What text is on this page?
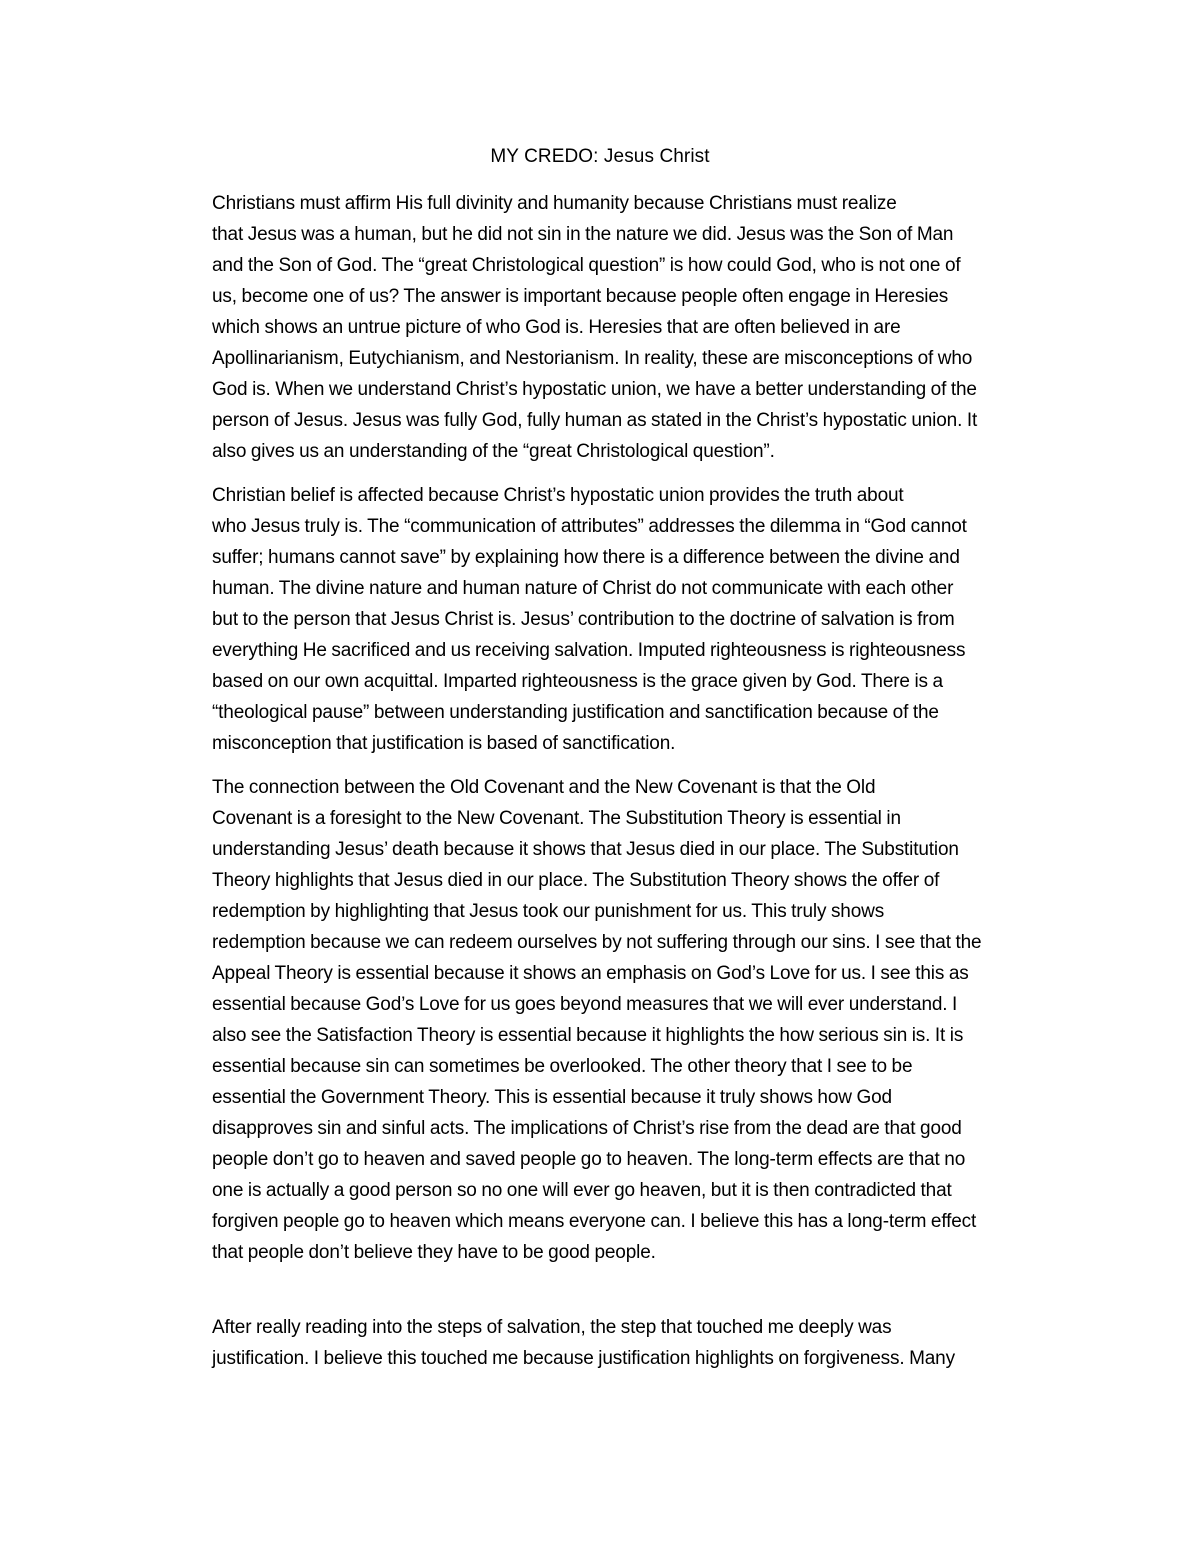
MY CREDO: Jesus Christ

Christians must affirm His full divinity and humanity because Christians must realize
that Jesus was a human, but he did not sin in the nature we did. Jesus was the Son of Man
and the Son of God. The “great Christological question” is how could God, who is not one of
us, become one of us? The answer is important because people often engage in Heresies
which shows an untrue picture of who God is. Heresies that are often believed in are
Apollinarianism, Eutychianism, and Nestorianism. In reality, these are misconceptions of who
God is. When we understand Christ’s hypostatic union, we have a better understanding of the
person of Jesus. Jesus was fully God, fully human as stated in the Christ’s hypostatic union. It
also gives us an understanding of the “great Christological question”.

Christian belief is affected because Christ’s hypostatic union provides the truth about
who Jesus truly is. The “communication of attributes” addresses the dilemma in “God cannot
suffer; humans cannot save” by explaining how there is a difference between the divine and
human. The divine nature and human nature of Christ do not communicate with each other
but to the person that Jesus Christ is. Jesus’ contribution to the doctrine of salvation is from
everything He sacrificed and us receiving salvation. Imputed righteousness is righteousness
based on our own acquittal. Imparted righteousness is the grace given by God. There is a
“theological pause” between understanding justification and sanctification because of the
misconception that justification is based of sanctification.

The connection between the Old Covenant and the New Covenant is that the Old
Covenant is a foresight to the New Covenant. The Substitution Theory is essential in
understanding Jesus’ death because it shows that Jesus died in our place. The Substitution
Theory highlights that Jesus died in our place. The Substitution Theory shows the offer of
redemption by highlighting that Jesus took our punishment for us. This truly shows
redemption because we can redeem ourselves by not suffering through our sins. I see that the
Appeal Theory is essential because it shows an emphasis on God’s Love for us. I see this as
essential because God’s Love for us goes beyond measures that we will ever understand. I
also see the Satisfaction Theory is essential because it highlights the how serious sin is. It is
essential because sin can sometimes be overlooked. The other theory that I see to be
essential the Government Theory. This is essential because it truly shows how God
disapproves sin and sinful acts. The implications of Christ’s rise from the dead are that good
people don’t go to heaven and saved people go to heaven. The long-term effects are that no
one is actually a good person so no one will ever go heaven, but it is then contradicted that
forgiven people go to heaven which means everyone can. I believe this has a long-term effect
that people don’t believe they have to be good people.

After really reading into the steps of salvation, the step that touched me deeply was
justification. I believe this touched me because justification highlights on forgiveness. Many
